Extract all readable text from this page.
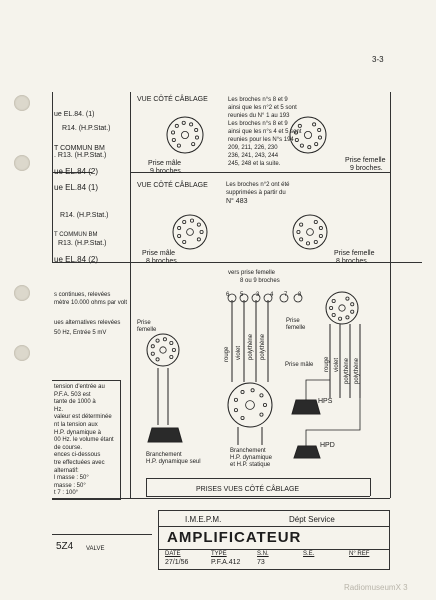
3-3
ue EL.84. (1)
R14. (H.P.Stat.)
T COMMUN BM
. R13. (H.P.Stat.)
ue EL.84 (2)
ue EL.84 (1)
R14. (H.P.Stat.)
T COMMUN BM
R13. (H.P.Stat.)
ue EL.84 (2)
s continues, relevées
mètre 10.000 ohms par volt
ues alternatives relevées
50 Hz, Entrée 5 mV
tension d'entrée au
P.F.A. 503 est
tante de 1000 à
Hz.
valeur est déterminée
nt la tension aux
H.P. dynamique à
00 Hz. le volume étant
de course.
ences ci-dessous
tre effectuées avec
alternatif:
l masse : 50°
masse : 50°
t 7 : 100°
5Z4 VALVE
VUE CÔTÉ CÂBLAGE	Les broches n°s 8 et 9
ainsi que les n°2 et 5 sont
reunies du N° 1 au 193
Les broches n°s 8 et 9
ainsi que les n°s 4 et 5 sont
reunies pour les N°s 194
209, 211, 226, 230
236, 241, 243, 244
245, 248 et la suite.
Prise mâle
9 broches.
Prise femelle
9 broches.
VUE CÔTÉ CÂBLAGE	Les broches n°2 ont été
supprimées à partir du
N° 483
Prise mâle
8 broches.
Prise femelle
8 broches.
vers prise femelle
8 ou 9 broches
6 5 3 4 7 8
Prise
femelle
Prise mâle
Prise
femelle
Branchement
H.P. dynamique seul
Branchement
H.P. dynamique
et H.P. statique
HPS
HPD
PRISES VUES CÔTÉ CÂBLAGE
I.M.E.P.M.	Dépt Service
AMPLIFICATEUR
DATE
27/1/56
TYPE
P.F.A.412
S.N.
73
S.E.	N° REF
RadiomuseumX 3
rouge violet polythène polythène
rouge violet polythène polythène
